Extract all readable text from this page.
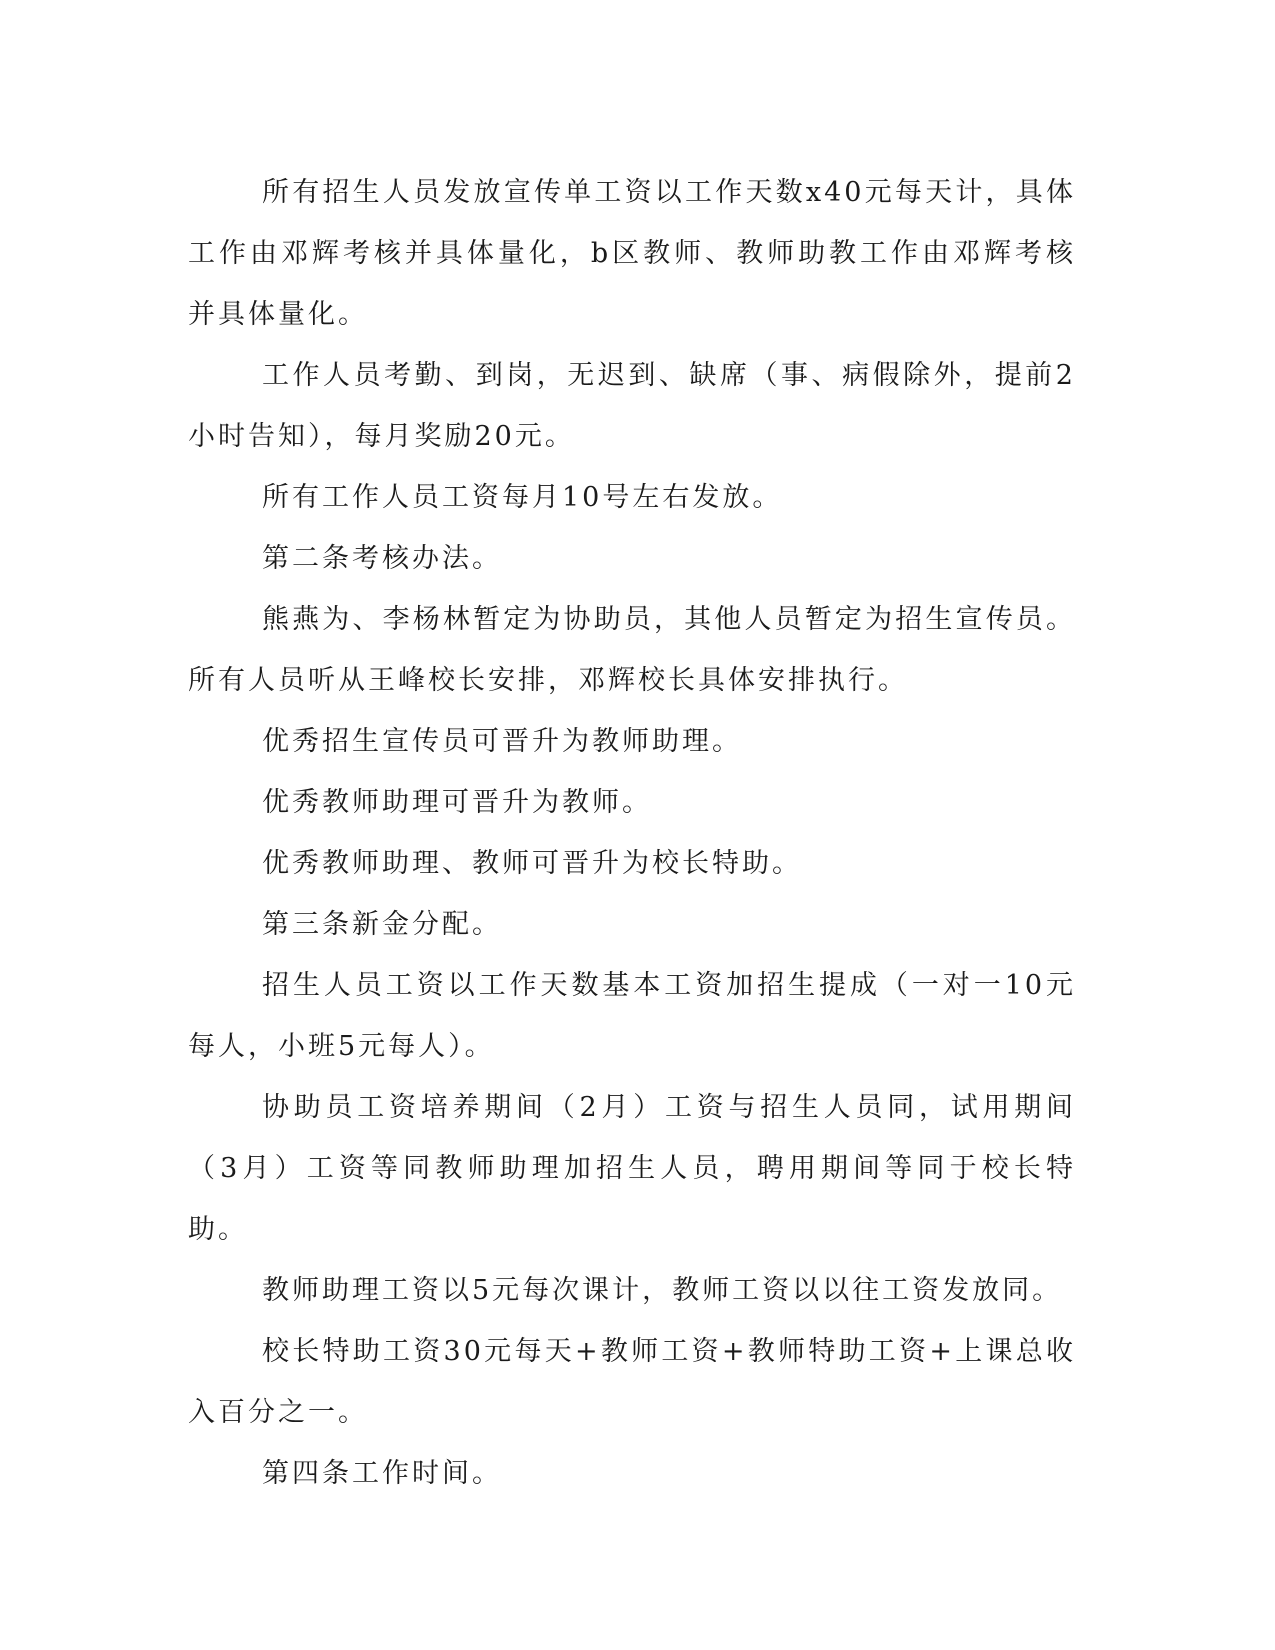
所有招生人员发放宣传单工资以工作天数x40元每天计，具体工作由邓辉考核并具体量化，b区教师、教师助教工作由邓辉考核并具体量化。

工作人员考勤、到岗，无迟到、缺席（事、病假除外，提前2小时告知），每月奖励20元。

所有工作人员工资每月10号左右发放。

第二条考核办法。

熊燕为、李杨林暂定为协助员，其他人员暂定为招生宣传员。所有人员听从王峰校长安排，邓辉校长具体安排执行。

优秀招生宣传员可晋升为教师助理。

优秀教师助理可晋升为教师。

优秀教师助理、教师可晋升为校长特助。

第三条新金分配。

招生人员工资以工作天数基本工资加招生提成（一对一10元每人，小班5元每人）。

协助员工资培养期间（2月）工资与招生人员同，试用期间（3月）工资等同教师助理加招生人员，聘用期间等同于校长特助。

教师助理工资以5元每次课计，教师工资以以往工资发放同。

校长特助工资30元每天+教师工资+教师特助工资+上课总收入百分之一。

第四条工作时间。
